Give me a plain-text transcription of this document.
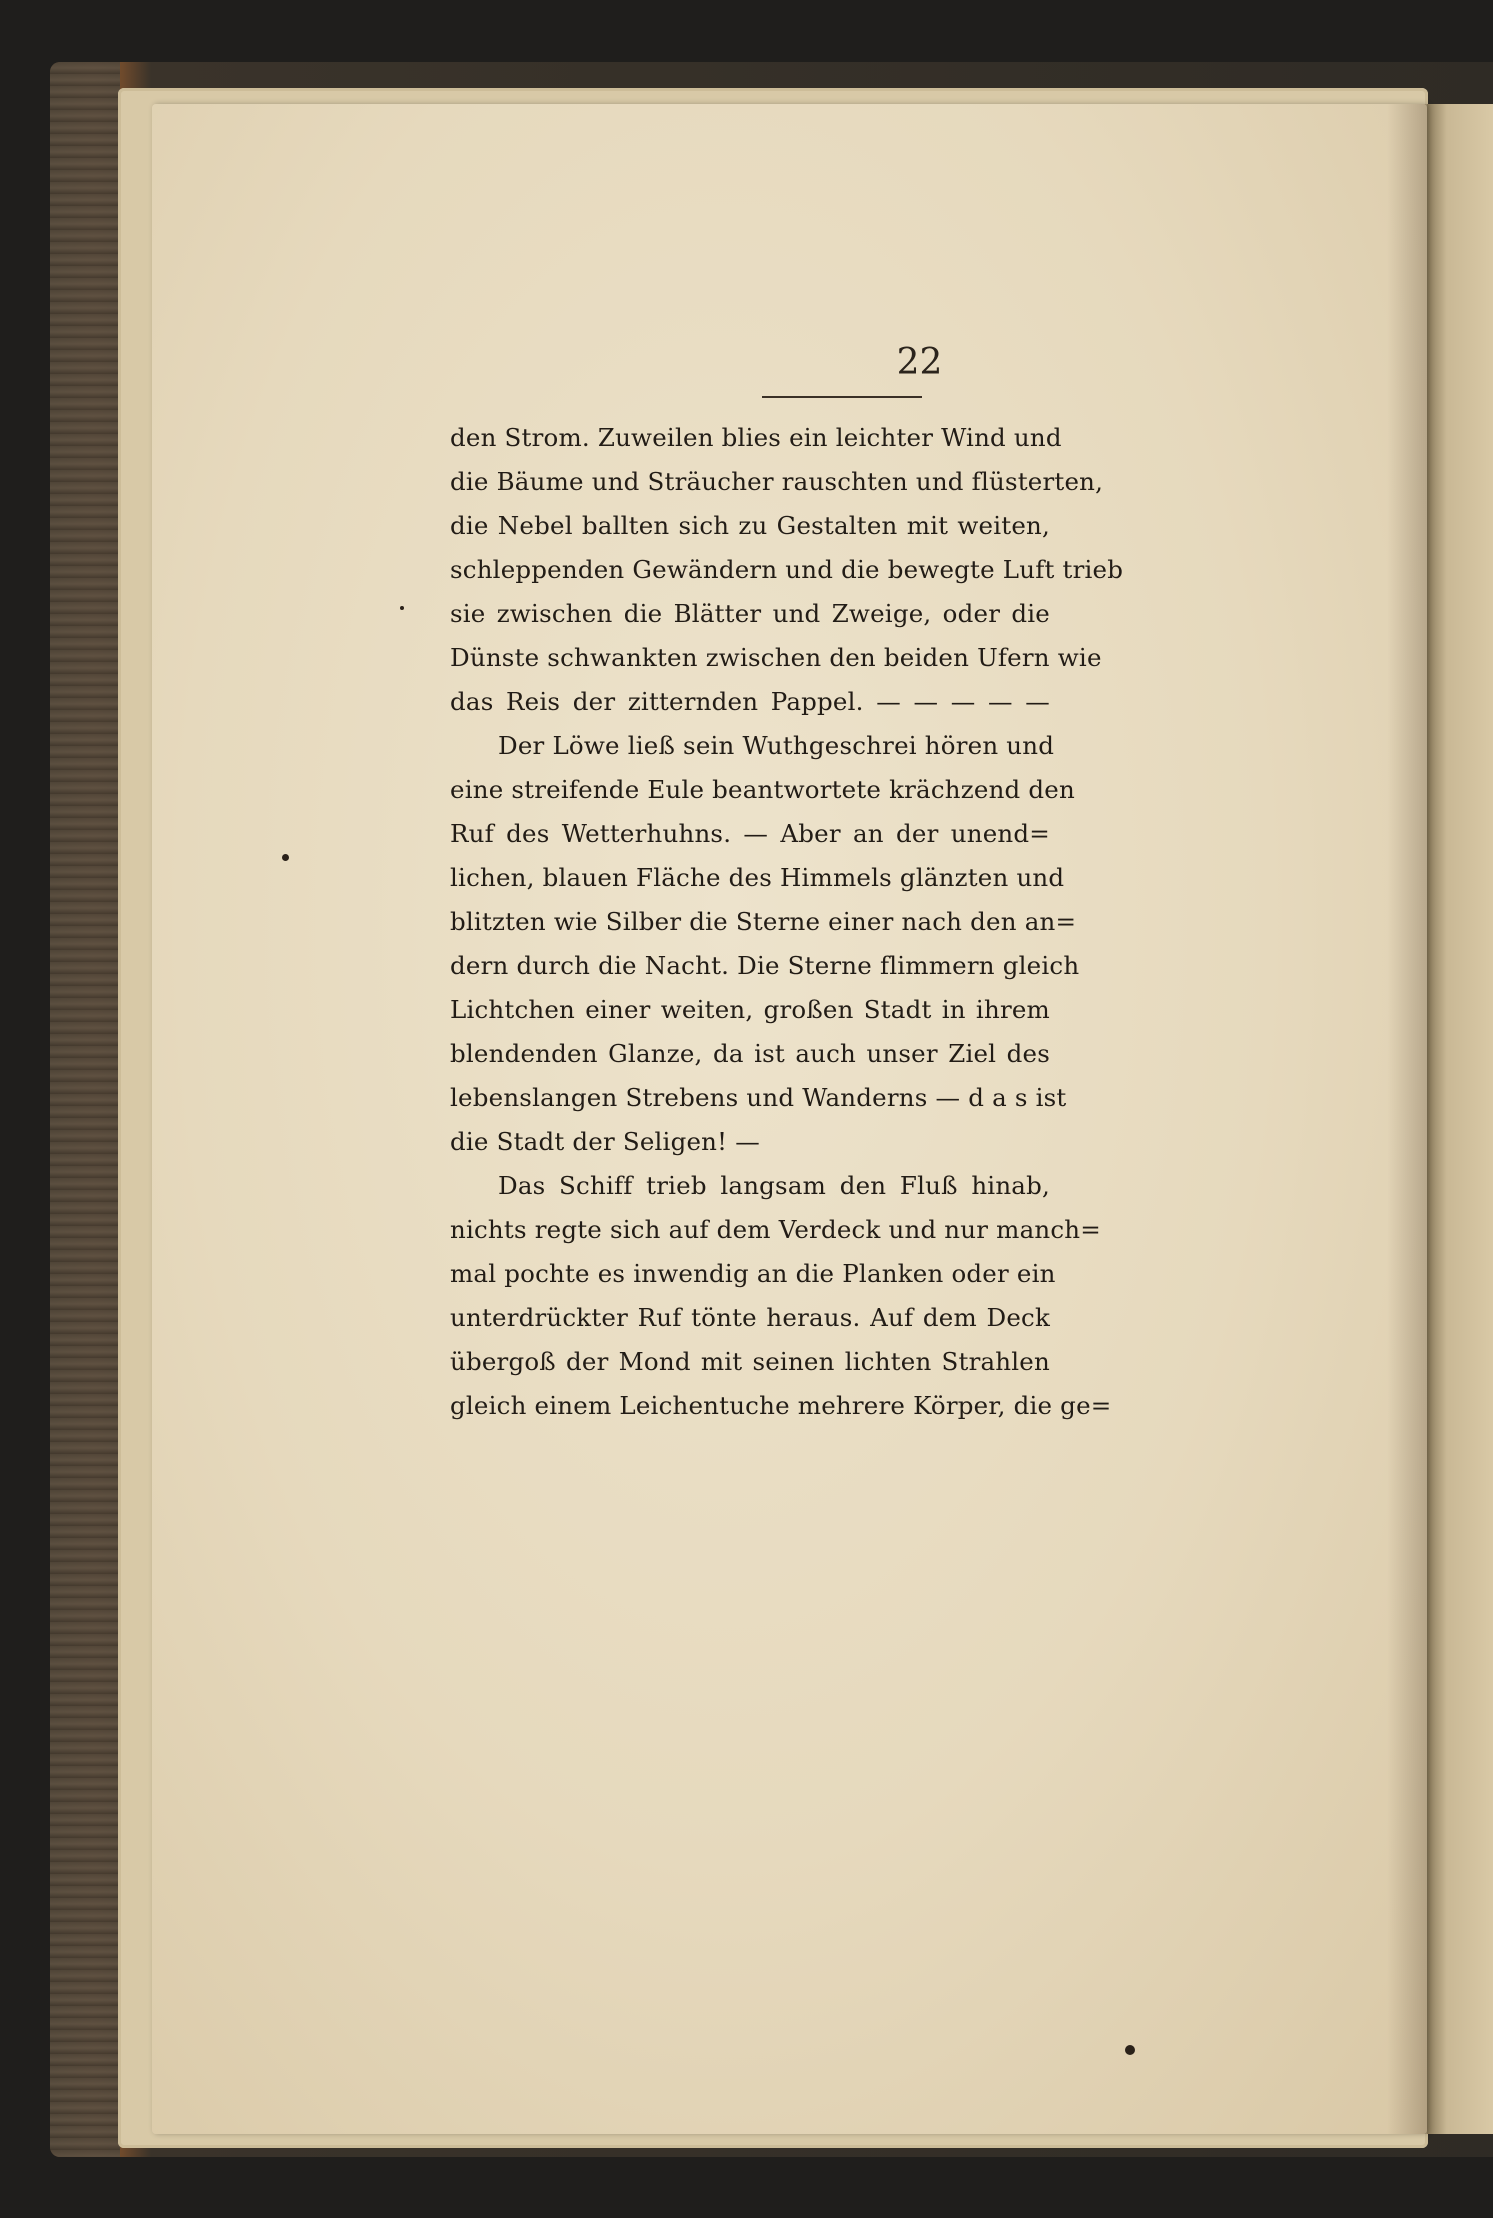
22
den Strom. Zuweilen blies ein leichter Wind und
die Bäume und Sträucher rauschten und flüsterten,
die Nebel ballten sich zu Gestalten mit weiten,
schleppenden Gewändern und die bewegte Luft trieb
sie zwischen die Blätter und Zweige, oder die
Dünste schwankten zwischen den beiden Ufern wie
das Reis der zitternden Pappel. — — — — —
Der Löwe ließ sein Wuthgeschrei hören und
eine streifende Eule beantwortete krächzend den
Ruf des Wetterhuhns. — Aber an der unend=
lichen, blauen Fläche des Himmels glänzten und
blitzten wie Silber die Sterne einer nach den an=
dern durch die Nacht. Die Sterne flimmern gleich
Lichtchen einer weiten, großen Stadt in ihrem
blendenden Glanze, da ist auch unser Ziel des
lebenslangen Strebens und Wanderns — d a s ist
die Stadt der Seligen! —
Das Schiff trieb langsam den Fluß hinab,
nichts regte sich auf dem Verdeck und nur manch=
mal pochte es inwendig an die Planken oder ein
unterdrückter Ruf tönte heraus. Auf dem Deck
übergoß der Mond mit seinen lichten Strahlen
gleich einem Leichentuche mehrere Körper, die ge=
